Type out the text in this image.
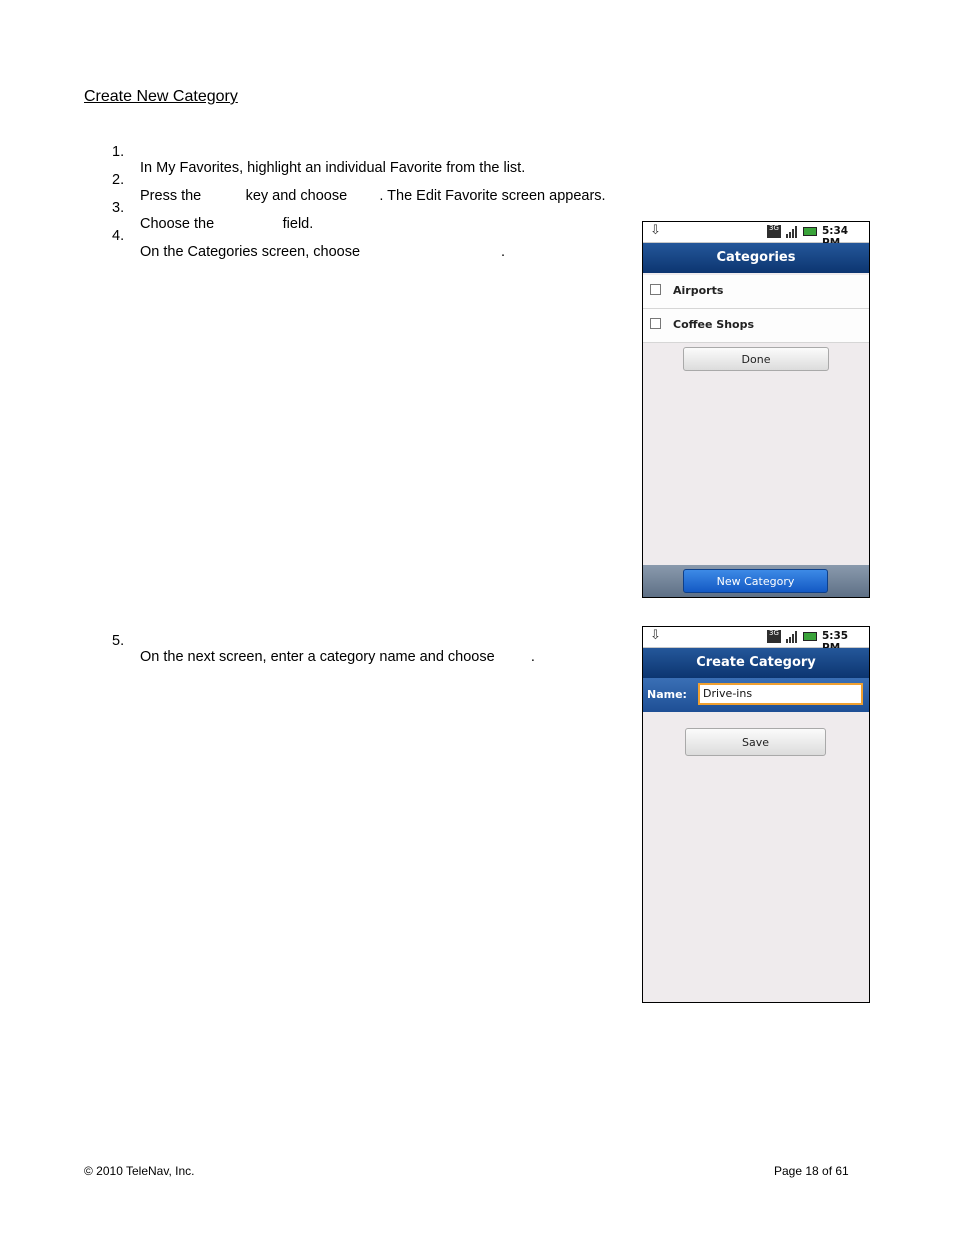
Create New Category

1.

In My Favorites, highlight an individual Favorite from the list.

2.

Press the           key and choose        . The Edit Favorite screen appears.

3.

Choose the                 field.

4.

On the Categories screen, choose                                   .

5.

On the next screen, enter a category name and choose         .

⇩	3G	5:34
Categories
Airports
Coffee Shops
Done
New Category
⇩	3G	5:35
Create Category
Name:	Drive-ins
Save
© 2010 TeleNav, Inc.	Page 18 of 61
